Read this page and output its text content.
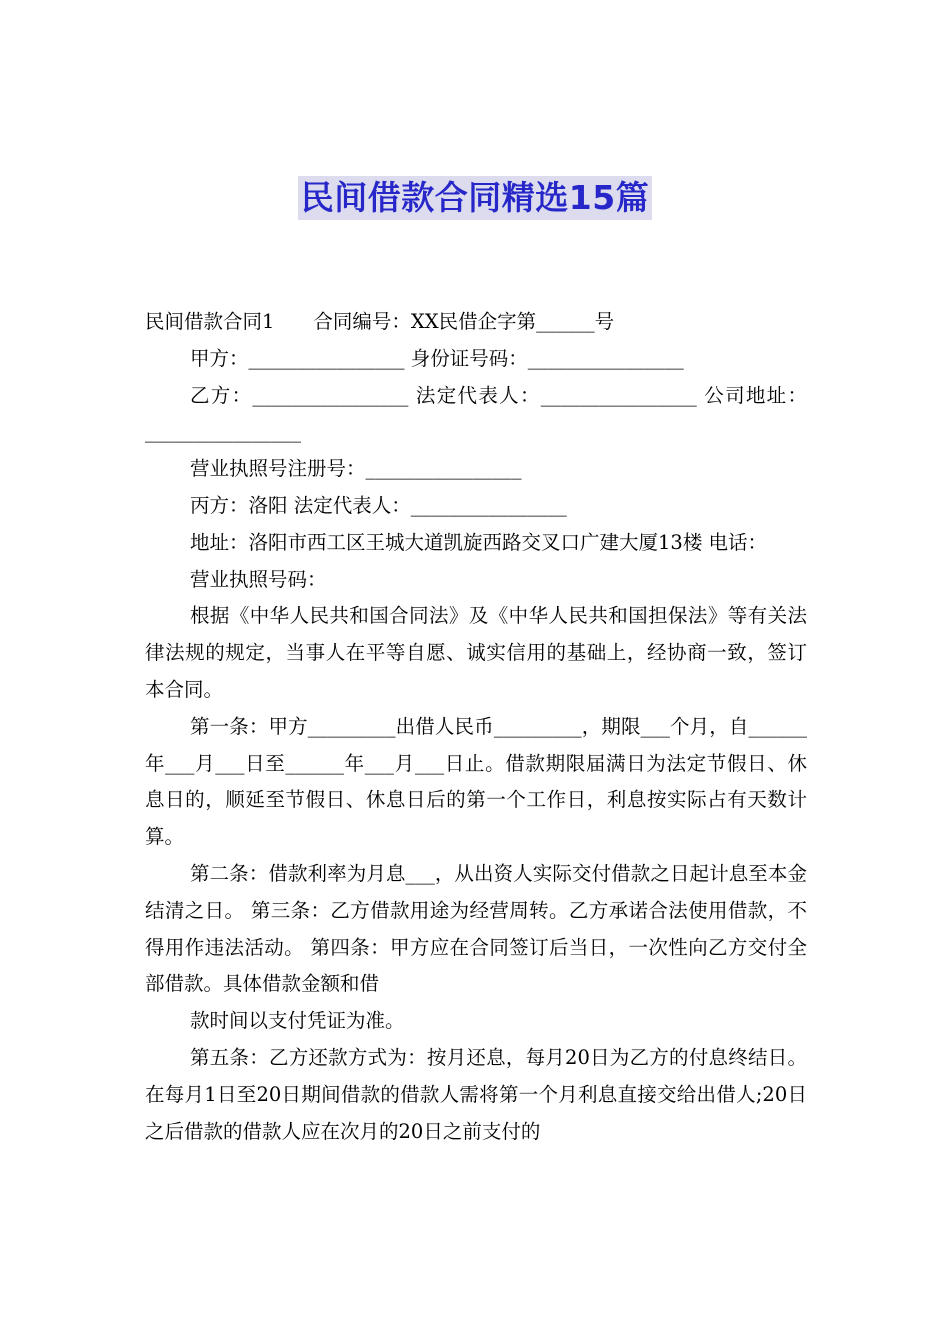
民间借款合同精选15篇

民间借款合同1　　合同编号：XX民借企字第______号

甲方：________________ 身份证号码：________________

乙方：________________ 法定代表人：________________ 公司地址：________________

营业执照号注册号：________________

丙方：洛阳 法定代表人：________________

地址：洛阳市西工区王城大道凯旋西路交叉口广建大厦13楼 电话：

营业执照号码：

根据《中华人民共和国合同法》及《中华人民共和国担保法》等有关法律法规的规定，当事人在平等自愿、诚实信用的基础上，经协商一致，签订本合同。

第一条：甲方_________出借人民币_________，期限___个月，自______年___月___日至______年___月___日止。借款期限届满日为法定节假日、休息日的，顺延至节假日、休息日后的第一个工作日，利息按实际占有天数计算。

第二条：借款利率为月息___，从出资人实际交付借款之日起计息至本金结清之日。 第三条：乙方借款用途为经营周转。乙方承诺合法使用借款，不得用作违法活动。 第四条：甲方应在合同签订后当日，一次性向乙方交付全部借款。具体借款金额和借

款时间以支付凭证为准。

第五条：乙方还款方式为：按月还息，每月20日为乙方的付息终结日。在每月1日至20日期间借款的借款人需将第一个月利息直接交给出借人;20日之后借款的借款人应在次月的20日之前支付的
